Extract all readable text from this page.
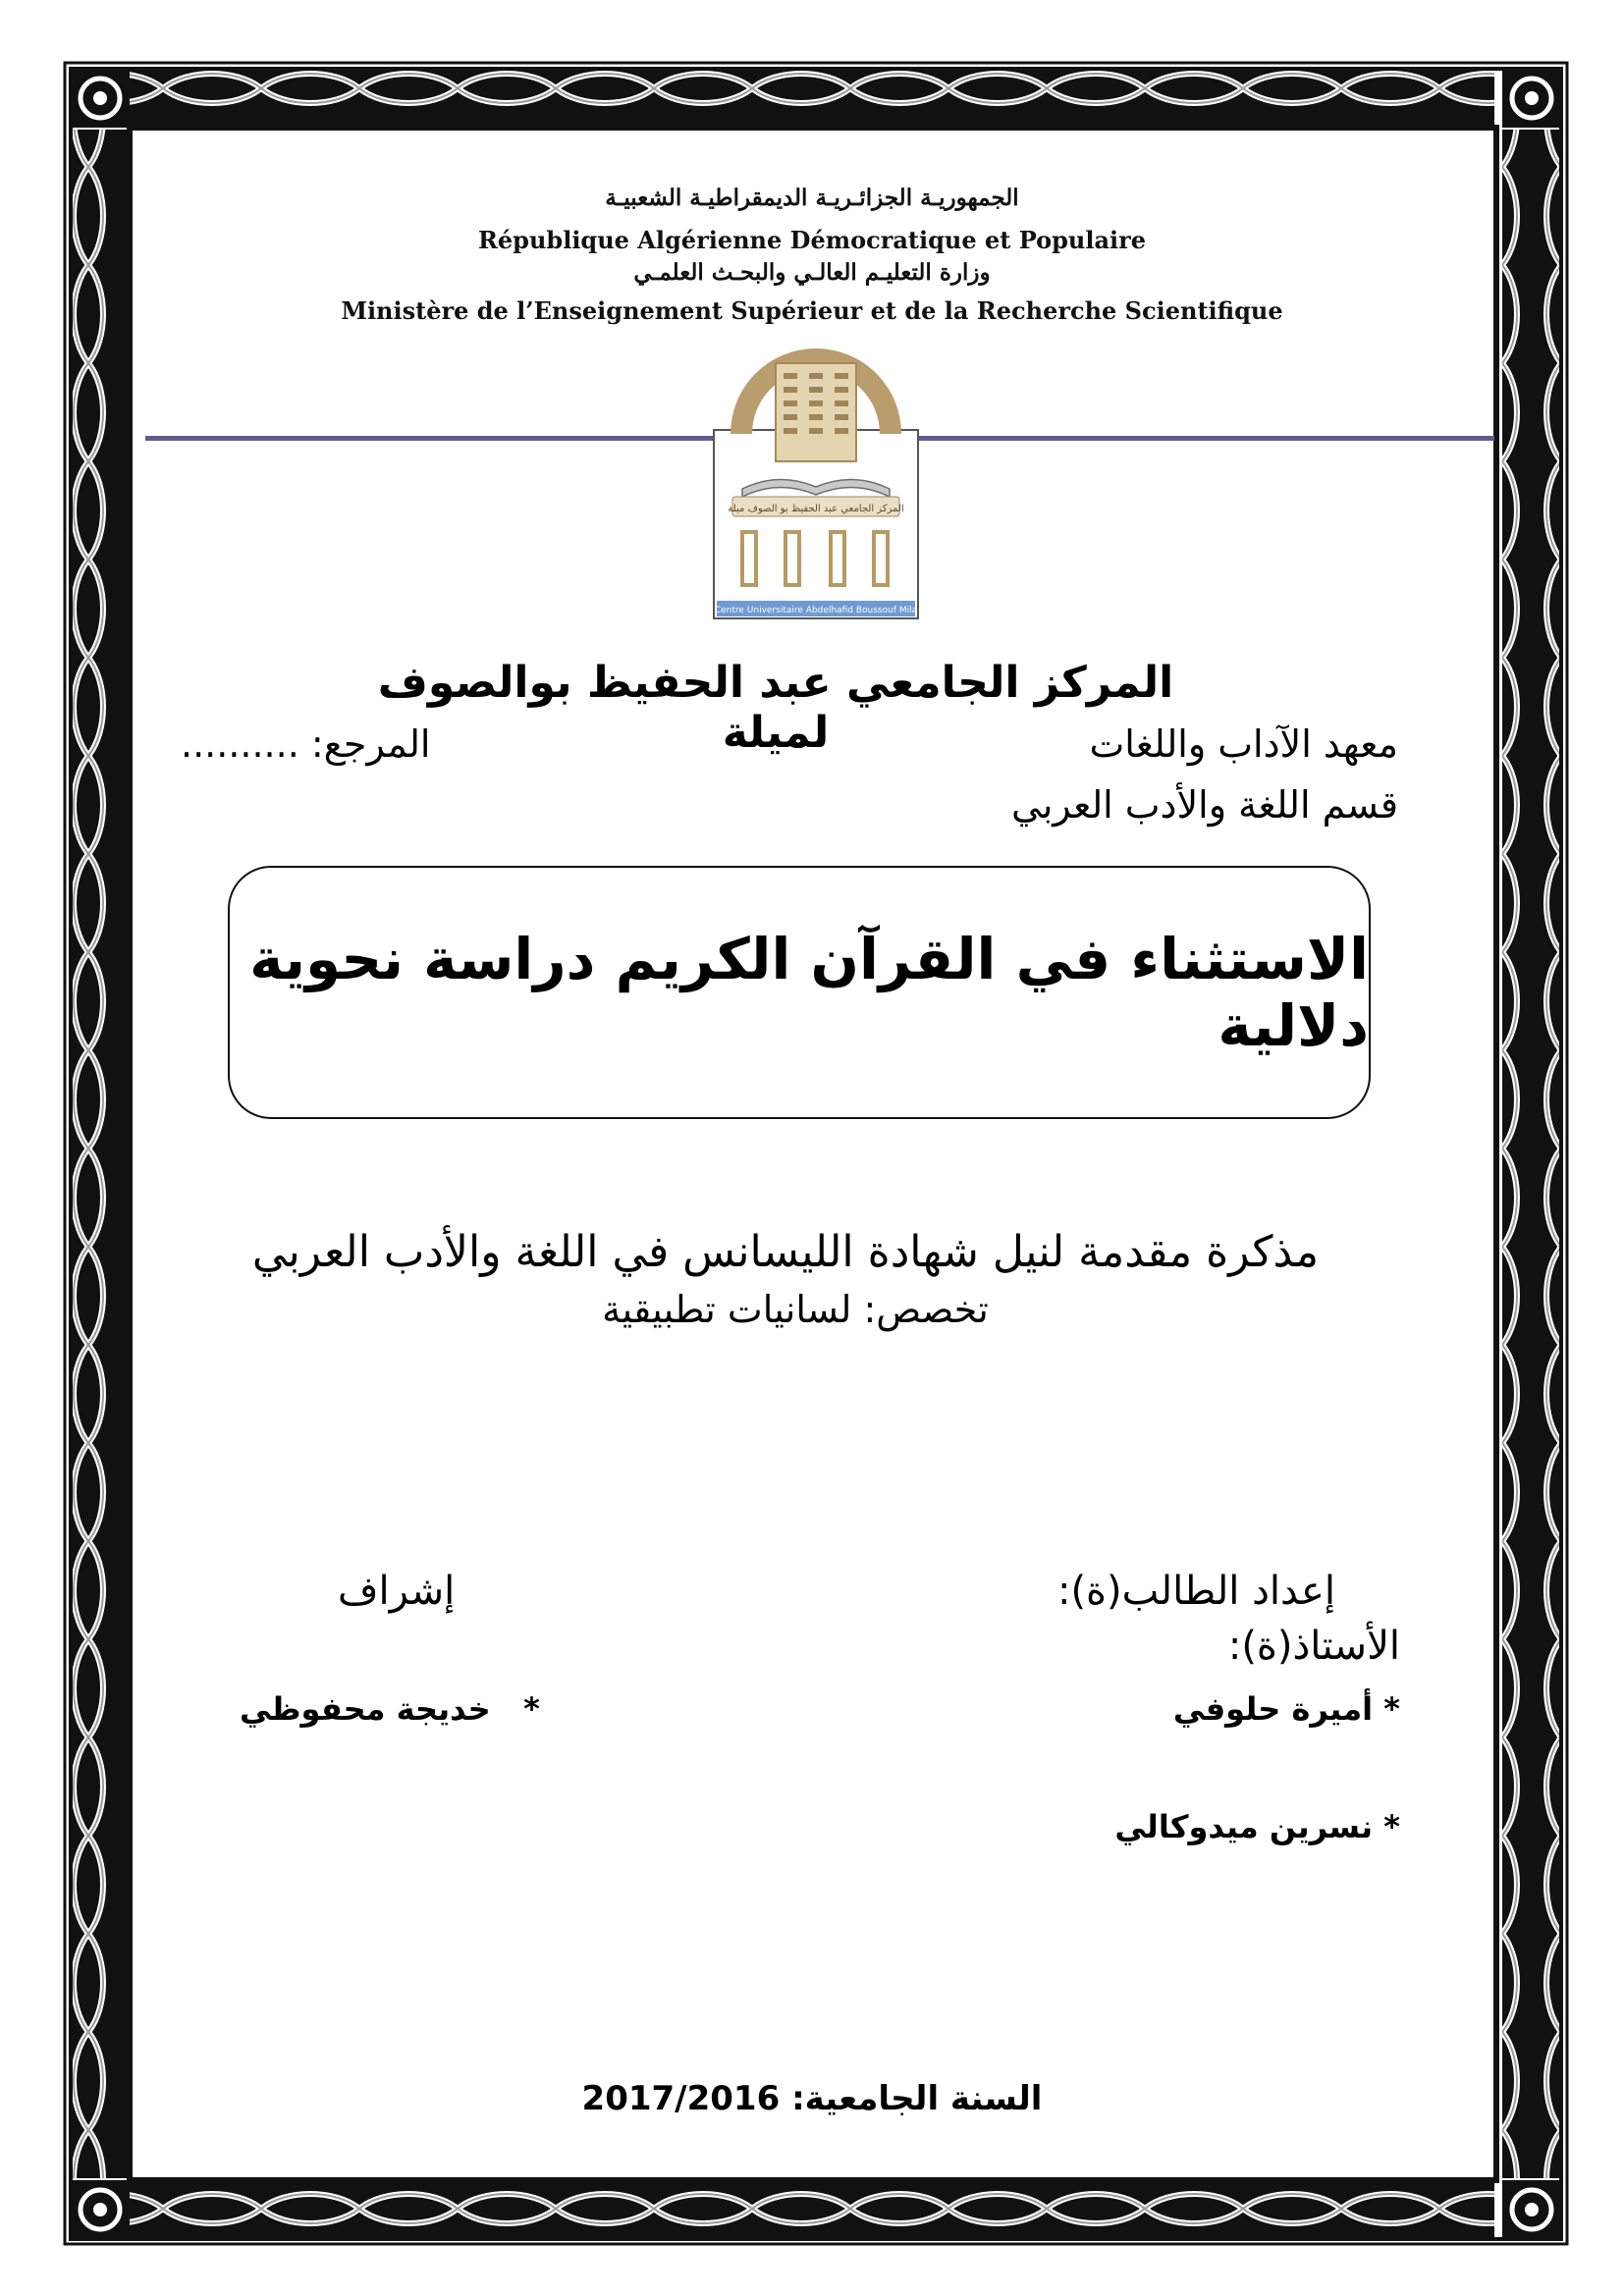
الجمهوريـة الجزائـريـة الديمقراطيـة الشعبيـة
République Algérienne Démocratique et Populaire
وزارة التعليـم العالـي والبحـث العلمـي
Ministère de l’Enseignement Supérieur et de la Recherche Scientifique
المركز الجامعي عبد الحفيظ بو الصوف ميلة
Centre Universitaire Abdelhafid Boussouf Mila
المركز الجامعي عبد الحفيظ بوالصوف لميلة	معهد الآداب واللغات
المرجع: ..........
قسم اللغة والأدب العربي
الاستثناء في القرآن الكريم دراسة نحوية دلالية
مذكرة مقدمة لنيل شهادة الليسانس في اللغة والأدب العربي
تخصص: لسانيات تطبيقية
إعداد الطالب(ة):
إشراف
الأستاذ(ة):
* أميرة حلوفي
*   خديجة محفوظي
* نسرين ميدوكالي
السنة الجامعية: 2017/2016
